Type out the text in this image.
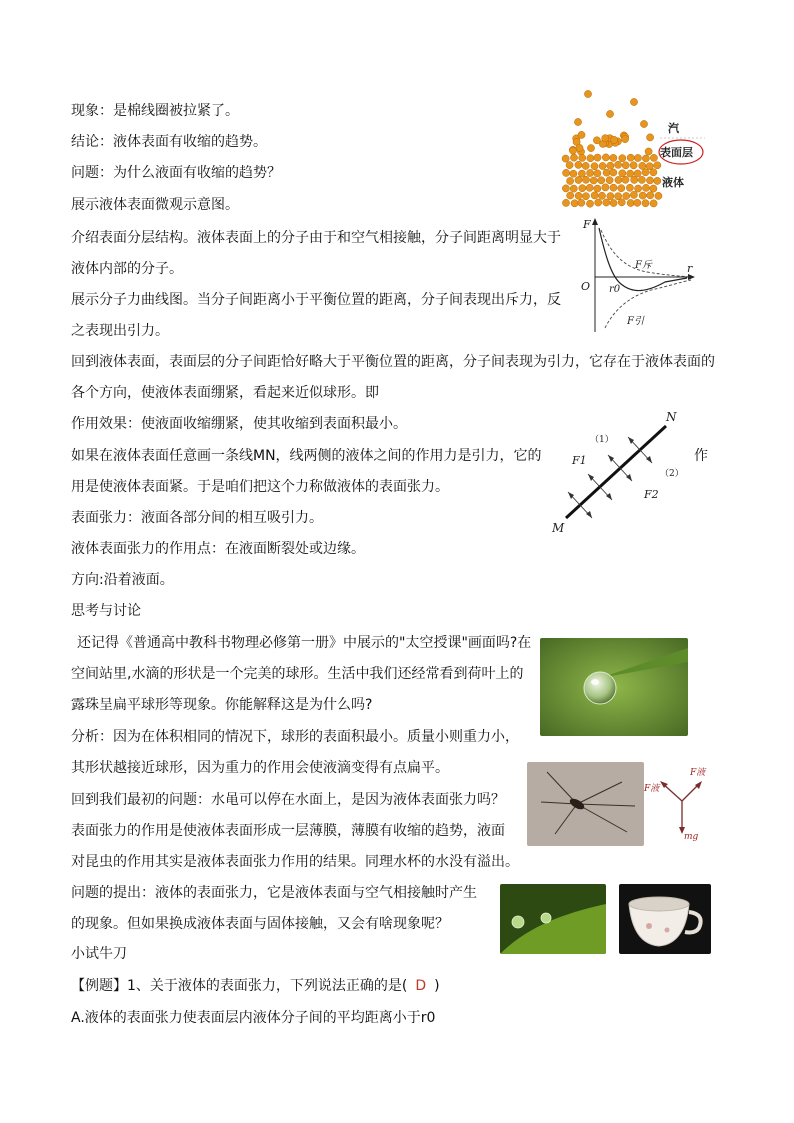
现象：是棉线圈被拉紧了。
结论：液体表面有收缩的趋势。
问题：为什么液面有收缩的趋势？
展示液体表面微观示意图。
介绍表面分层结构。液体表面上的分子由于和空气相接触，分子间距离明显大于
液体内部的分子。
展示分子力曲线图。当分子间距离小于平衡位置的距离，分子间表现出斥力，反
之表现出引力。
回到液体表面，表面层的分子间距恰好略大于平衡位置的距离，分子间表现为引力，它存在于液体表面的
各个方向，使液体表面绷紧，看起来近似球形。即
作用效果：使液面收缩绷紧，使其收缩到表面积最小。
如果在液体表面任意画一条线MN，线两侧的液体之间的作用力是引力，它的	作
用是使液体表面紧。于是咱们把这个力称做液体的表面张力。
表面张力：液面各部分间的相互吸引力。
液体表面张力的作用点：在液面断裂处或边缘。
方向:沿着液面。
思考与讨论
还记得《普通高中教科书物理必修第一册》中展示的"太空授课"画面吗?在
空间站里,水滴的形状是一个完美的球形。生活中我们还经常看到荷叶上的
露珠呈扁平球形等现象。你能解释这是为什么吗?
分析：因为在体积相同的情况下，球形的表面积最小。质量小则重力小，
其形状越接近球形，因为重力的作用会使液滴变得有点扁平。
回到我们最初的问题：水黾可以停在水面上，是因为液体表面张力吗？
表面张力的作用是使液体表面形成一层薄膜，薄膜有收缩的趋势，液面
对昆虫的作用其实是液体表面张力作用的结果。同理水杯的水没有溢出。
问题的提出：液体的表面张力，它是液体表面与空气相接触时产生
的现象。但如果换成液体表面与固体接触，又会有啥现象呢？
小试牛刀
【例题】1、关于液体的表面张力，下列说法正确的是( D )
A.液体的表面张力使表面层内液体分子间的平均距离小于r0
汽
表面层
液体
F
r
O r0
F斥
F引
N
M
（1）
（2）
F1
F2
F液
F液
mg
